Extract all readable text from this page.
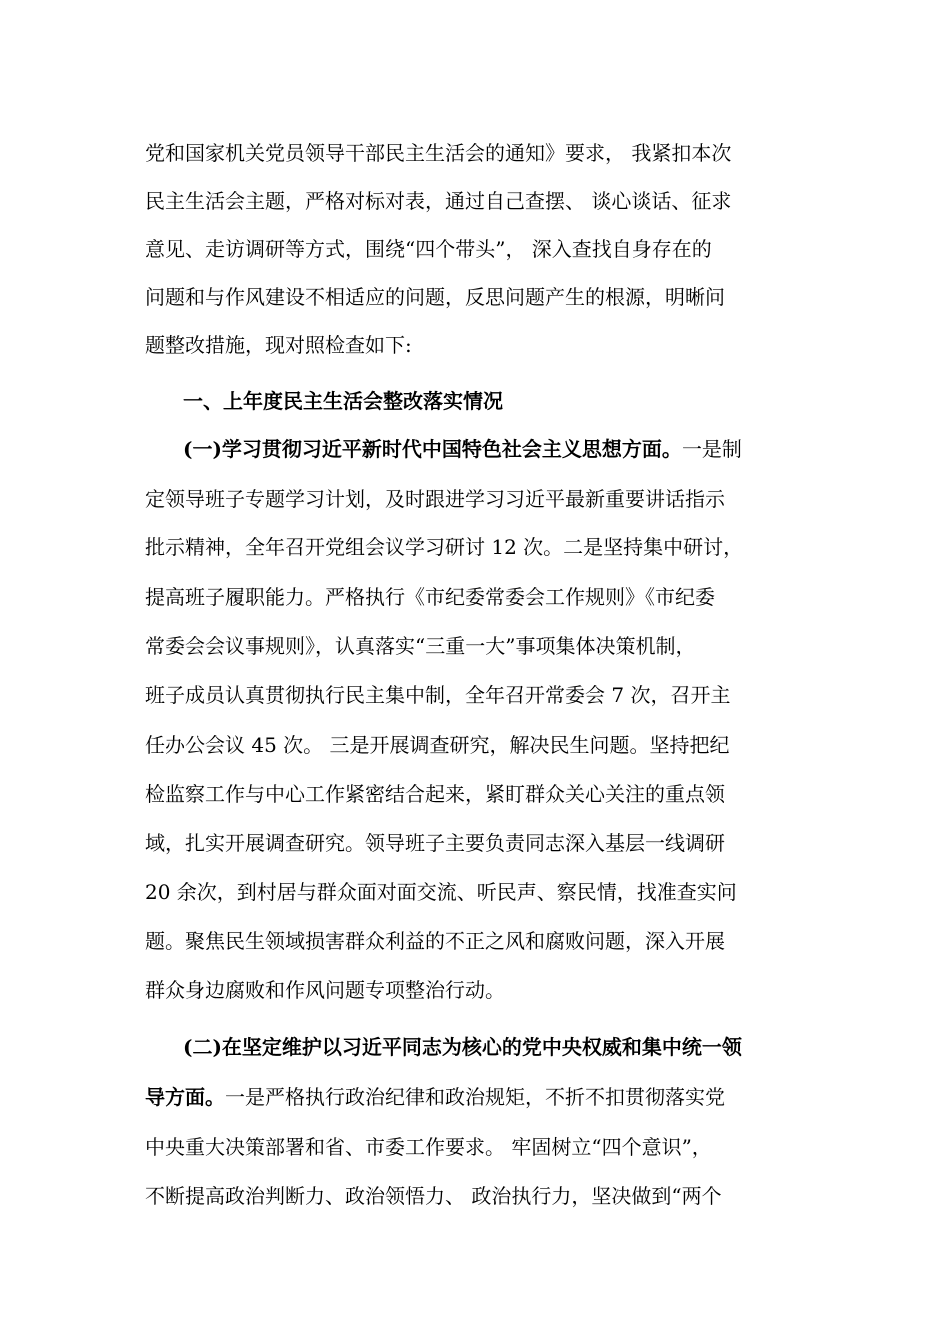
党和国家机关党员领导干部民主生活会的通知》要求， 我紧扣本次
民主生活会主题，严格对标对表，通过自己查摆、 谈心谈话、征求
意见、走访调研等方式，围绕“四个带头”， 深入查找自身存在的
问题和与作风建设不相适应的问题，反思问题产生的根源，明晰问
题整改措施，现对照检查如下:
一、上年度民主生活会整改落实情况
(一)学习贯彻习近平新时代中国特色社会主义思想方面。一是制
定领导班子专题学习计划，及时跟进学习习近平最新重要讲话指示
批示精神，全年召开党组会议学习研讨 12 次。二是坚持集中研讨，
提高班子履职能力。严格执行《市纪委常委会工作规则》《市纪委
常委会会议事规则》，认真落实“三重一大”事项集体决策机制，
班子成员认真贯彻执行民主集中制，全年召开常委会 7 次，召开主
任办公会议 45 次。 三是开展调查研究，解决民生问题。坚持把纪
检监察工作与中心工作紧密结合起来，紧盯群众关心关注的重点领
域，扎实开展调查研究。领导班子主要负责同志深入基层一线调研
20 余次，到村居与群众面对面交流、听民声、察民情，找准查实问
题。聚焦民生领域损害群众利益的不正之风和腐败问题，深入开展
群众身边腐败和作风问题专项整治行动。
(二)在坚定维护以习近平同志为核心的党中央权威和集中统一领
导方面。一是严格执行政治纪律和政治规矩，不折不扣贯彻落实党
中央重大决策部署和省、市委工作要求。 牢固树立“四个意识”，
不断提高政治判断力、政治领悟力、 政治执行力，坚决做到“两个
